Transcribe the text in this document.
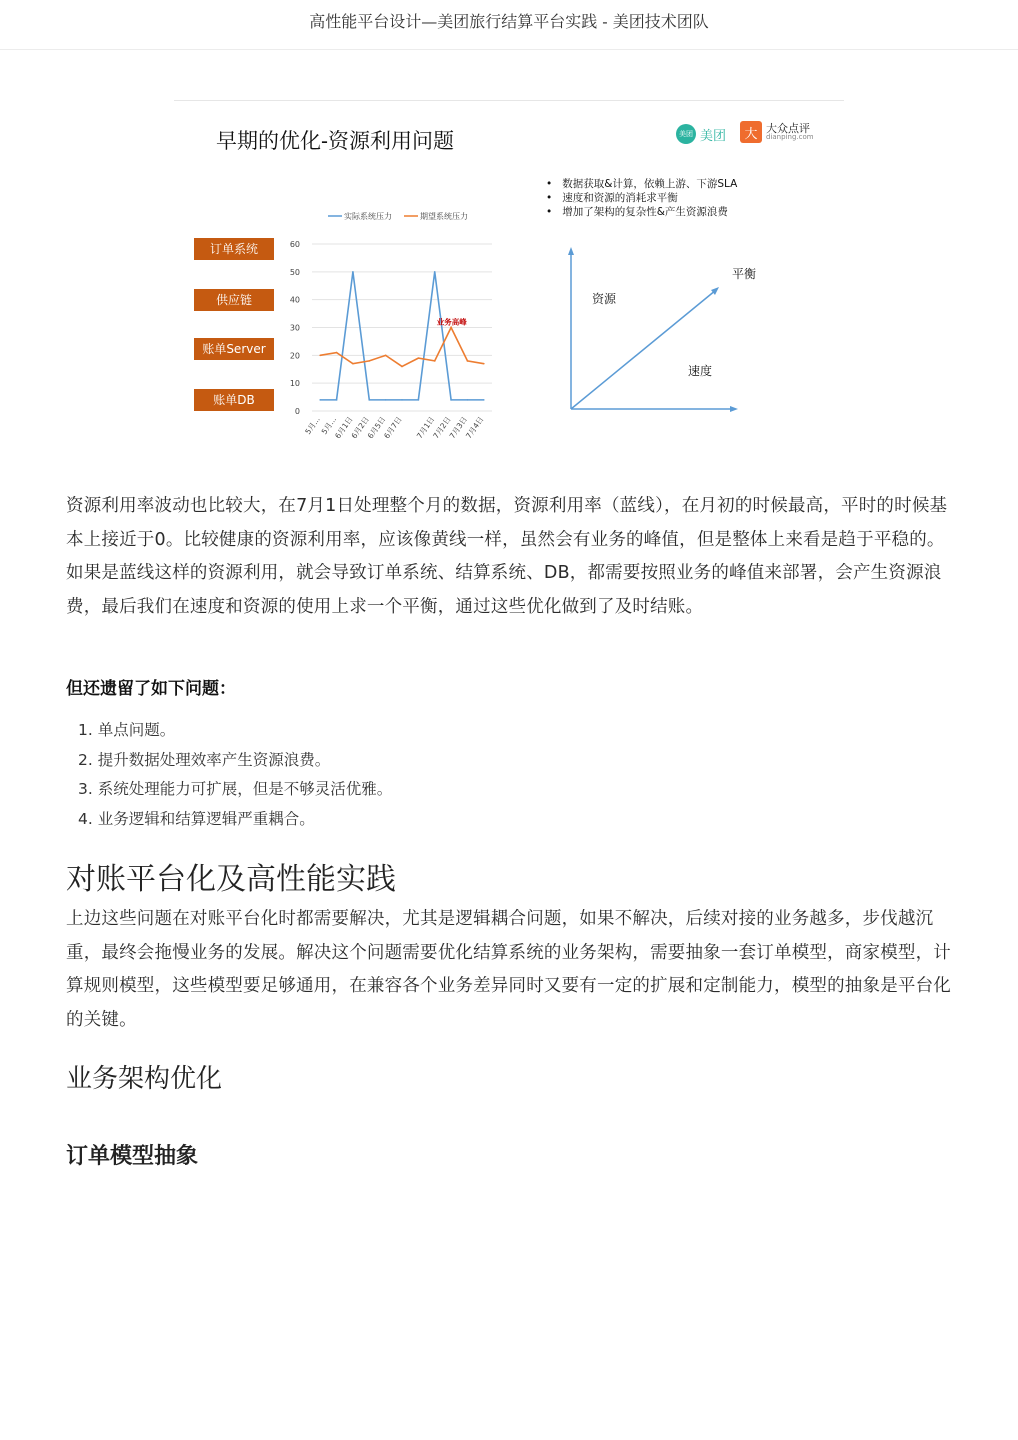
高性能平台设计—美团旅行结算平台实践 - 美团技术团队
早期的优化-资源利用问题	美团 美团	大 大众点评
dianping.com
订单系统
供应链
账单Server
账单DB
• 数据获取&计算，依赖上游、下游SLA
• 速度和资源的消耗求平衡
• 增加了架构的复杂性&产生资源浪费
资源
速度
平衡
0
10
20
30
40
50
60
5月...
5月...
6月1日
6月2日
6月5日
6月7日 7月1日
7月2日
7月3日
7月4日
实际系统压力	期望系统压力
业务高峰
资源利用率波动也比较大，在7月1日处理整个月的数据，资源利用率（蓝线），在月初的时候最高，平时的时候基本上接近于0。比较健康的资源利用率，应该像黄线一样，虽然会有业务的峰值，但是整体上来看是趋于平稳的。如果是蓝线这样的资源利用，就会导致订单系统、结算系统、DB，都需要按照业务的峰值来部署，会产生资源浪费，最后我们在速度和资源的使用上求一个平衡，通过这些优化做到了及时结账。
但还遗留了如下问题：
1. 单点问题。
2. 提升数据处理效率产生资源浪费。
3. 系统处理能力可扩展，但是不够灵活优雅。
4. 业务逻辑和结算逻辑严重耦合。
对账平台化及高性能实践
上边这些问题在对账平台化时都需要解决，尤其是逻辑耦合问题，如果不解决，后续对接的业务越多，步伐越沉重，最终会拖慢业务的发展。解决这个问题需要优化结算系统的业务架构，需要抽象一套订单模型，商家模型，计算规则模型，这些模型要足够通用，在兼容各个业务差异同时又要有一定的扩展和定制能力，模型的抽象是平台化的关键。
业务架构优化
订单模型抽象
